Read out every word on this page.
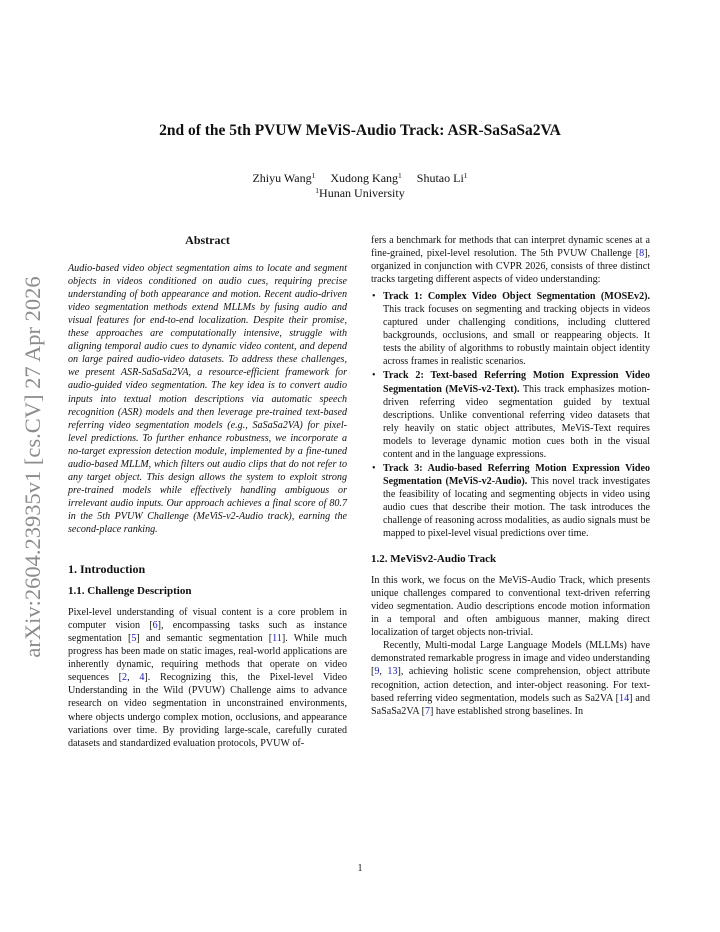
arXiv:2604.23935v1 [cs.CV] 27 Apr 2026
2nd of the 5th PVUW MeViS-Audio Track: ASR-SaSaSa2VA
Zhiyu Wang$^1$ Xudong Kang$^1$ Shutao Li$^1$
$^1$Hunan University
Abstract

Audio-based video object segmentation aims to locate and segment objects in videos conditioned on audio cues, requiring precise understanding of both appearance and motion. Recent audio-driven video segmentation methods extend MLLMs by fusing audio and visual features for end-to-end localization. Despite their promise, these approaches are computationally intensive, struggle with aligning temporal audio cues to dynamic video content, and depend on large paired audio-video datasets. To address these challenges, we present ASR-SaSaSa2VA, a resource-efficient framework for audio-guided video segmentation. The key idea is to convert audio inputs into textual motion descriptions via automatic speech recognition (ASR) models and then leverage pre-trained text-based referring video segmentation models (e.g., SaSaSa2VA) for pixel-level predictions. To further enhance robustness, we incorporate a no-target expression detection module, implemented by a fine-tuned audio-based MLLM, which filters out audio clips that do not refer to any target object. This design allows the system to exploit strong pre-trained models while effectively handling ambiguous or irrelevant audio inputs. Our approach achieves a final score of 80.7 in the 5th PVUW Challenge (MeViS-v2-Audio track), earning the second-place ranking.

1. Introduction
1.1. Challenge Description

Pixel-level understanding of visual content is a core problem in computer vision [6], encompassing tasks such as instance segmentation [5] and semantic segmentation [11]. While much progress has been made on static images, real-world applications are inherently dynamic, requiring methods that operate on video sequences [2, 4]. Recognizing this, the Pixel-level Video Understanding in the Wild (PVUW) Challenge aims to advance research on video segmentation in unconstrained environments, where objects undergo complex motion, occlusions, and appearance variations over time. By providing large-scale, carefully curated datasets and standardized evaluation protocols, PVUW of-

fers a benchmark for methods that can interpret dynamic scenes at a fine-grained, pixel-level resolution. The 5th PVUW Challenge [8], organized in conjunction with CVPR 2026, consists of three distinct tracks targeting different aspects of video understanding:

• Track 1: Complex Video Object Segmentation (MOSEv2). This track focuses on segmenting and tracking objects in videos captured under challenging conditions, including cluttered backgrounds, occlusions, and small or reappearing objects. It tests the ability of algorithms to robustly maintain object identity across frames in realistic scenarios.
• Track 2: Text-based Referring Motion Expression Video Segmentation (MeViS-v2-Text). This track emphasizes motion-driven referring video segmentation guided by textual descriptions. Unlike conventional referring video datasets that rely heavily on static object attributes, MeViS-Text requires models to leverage dynamic motion cues both in the visual content and in the language expressions.
• Track 3: Audio-based Referring Motion Expression Video Segmentation (MeViS-v2-Audio). This novel track investigates the feasibility of locating and segmenting objects in video using audio cues that describe their motion. The task introduces the challenge of reasoning across modalities, as audio signals must be mapped to pixel-level visual predictions over time.
1.2. MeViSv2-Audio Track

In this work, we focus on the MeViS-Audio Track, which presents unique challenges compared to conventional text-driven referring video segmentation. Audio descriptions encode motion information in a temporal and often ambiguous manner, making direct localization of target objects non-trivial.

Recently, Multi-modal Large Language Models (MLLMs) have demonstrated remarkable progress in image and video understanding [9, 13], achieving holistic scene comprehension, object attribute recognition, action detection, and inter-object reasoning. For text-based referring video segmentation, models such as Sa2VA [14] and SaSaSa2VA [7] have established strong baselines. In

1
